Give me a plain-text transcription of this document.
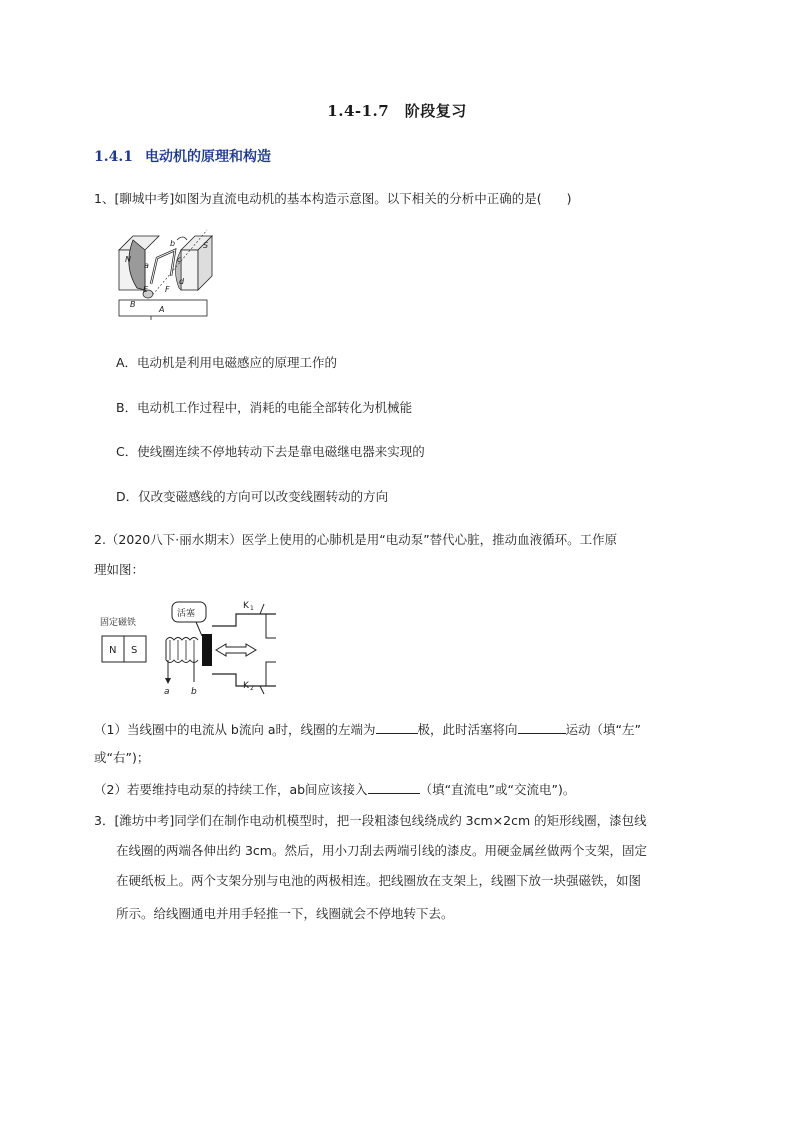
1.4-1.7　阶段复习
1.4.1 电动机的原理和构造
1、[聊城中考]如图为直流电动机的基本构造示意图。以下相关的分析中正确的是(　　)
N
S
a
b
c
d
E F
B
A
A．电动机是利用电磁感应的原理工作的
B．电动机工作过程中，消耗的电能全部转化为机械能
C．使线圈连续不停地转动下去是靠电磁继电器来实现的
D．仅改变磁感线的方向可以改变线圈转动的方向
2.（2020八下·丽水期末）医学上使用的心肺机是用“电动泵”替代心脏，推动血液循环。工作原
理如图：
固定磁铁
N S
活塞
a b
K 1
K 2
（1）当线圈中的电流从 b流向 a时，线圈的左端为	极，此时活塞将向	运动（填“左”
或“右”)；
（2）若要维持电动泵的持续工作，ab间应该接入	（填“直流电”或“交流电”)。
3．[潍坊中考]同学们在制作电动机模型时，把一段粗漆包线绕成约 3cm×2cm 的矩形线圈，漆包线
在线圈的两端各伸出约 3cm。然后，用小刀刮去两端引线的漆皮。用硬金属丝做两个支架，固定
在硬纸板上。两个支架分别与电池的两极相连。把线圈放在支架上，线圈下放一块强磁铁，如图
所示。给线圈通电并用手轻推一下，线圈就会不停地转下去。
